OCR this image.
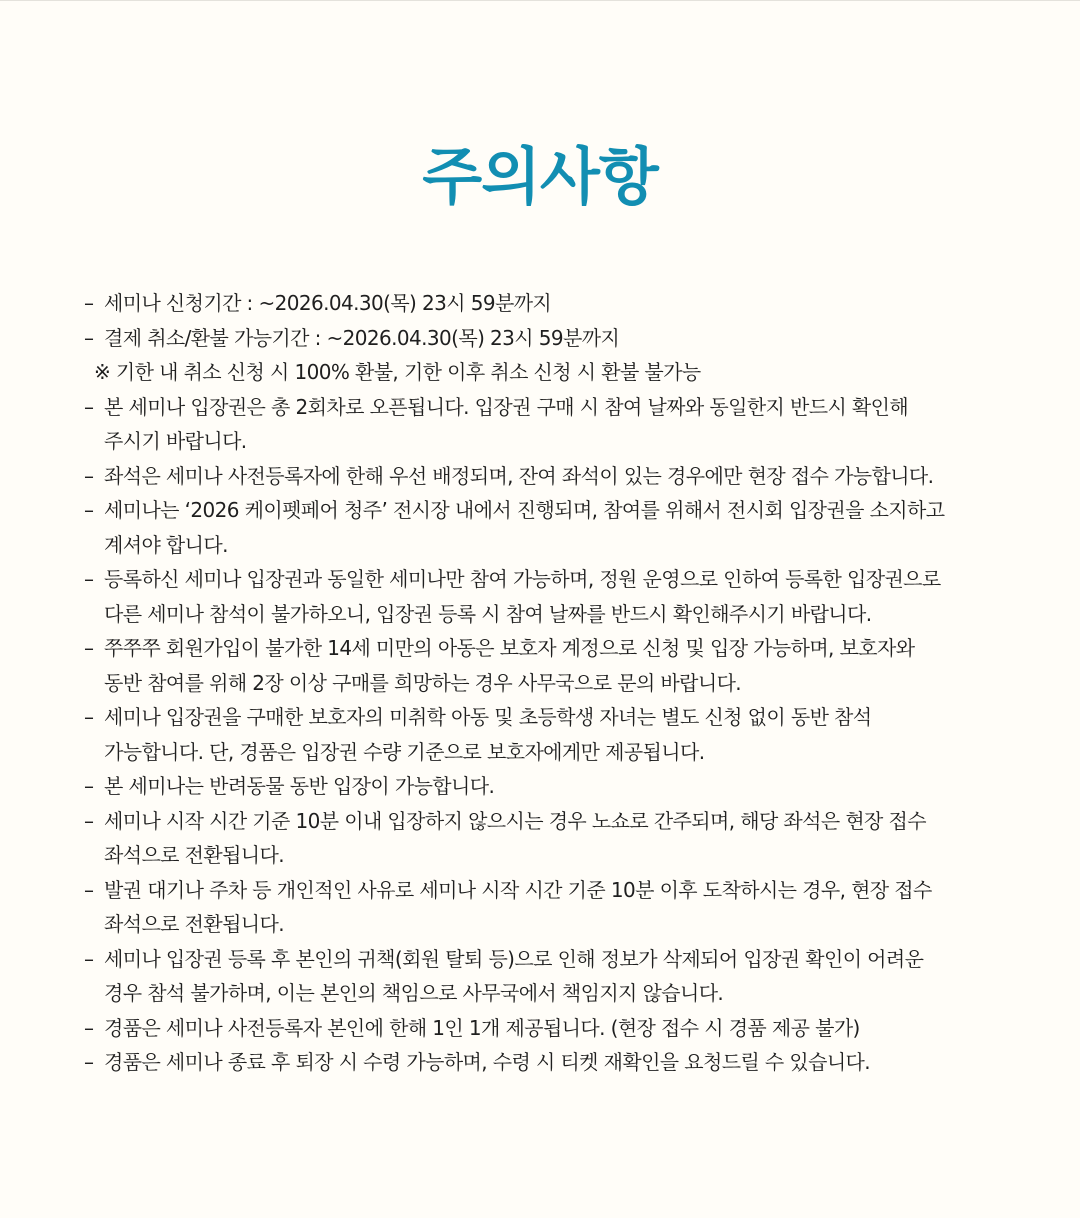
주의사항
– 세미나 신청기간 : ~2026.04.30(목) 23시 59분까지
– 결제 취소/환불 가능기간 : ~2026.04.30(목) 23시 59분까지
※ 기한 내 취소 신청 시 100% 환불, 기한 이후 취소 신청 시 환불 불가능
– 본 세미나 입장권은 총 2회차로 오픈됩니다. 입장권 구매 시 참여 날짜와 동일한지 반드시 확인해
주시기 바랍니다.
– 좌석은 세미나 사전등록자에 한해 우선 배정되며, 잔여 좌석이 있는 경우에만 현장 접수 가능합니다.
– 세미나는 ‘2026 케이펫페어 청주’ 전시장 내에서 진행되며, 참여를 위해서 전시회 입장권을 소지하고
계셔야 합니다.
– 등록하신 세미나 입장권과 동일한 세미나만 참여 가능하며, 정원 운영으로 인하여 등록한 입장권으로
다른 세미나 참석이 불가하오니, 입장권 등록 시 참여 날짜를 반드시 확인해주시기 바랍니다.
– 쭈쭈쭈 회원가입이 불가한 14세 미만의 아동은 보호자 계정으로 신청 및 입장 가능하며, 보호자와
동반 참여를 위해 2장 이상 구매를 희망하는 경우 사무국으로 문의 바랍니다.
– 세미나 입장권을 구매한 보호자의 미취학 아동 및 초등학생 자녀는 별도 신청 없이 동반 참석
가능합니다. 단, 경품은 입장권 수량 기준으로 보호자에게만 제공됩니다.
– 본 세미나는 반려동물 동반 입장이 가능합니다.
– 세미나 시작 시간 기준 10분 이내 입장하지 않으시는 경우 노쇼로 간주되며, 해당 좌석은 현장 접수
좌석으로 전환됩니다.
– 발권 대기나 주차 등 개인적인 사유로 세미나 시작 시간 기준 10분 이후 도착하시는 경우, 현장 접수
좌석으로 전환됩니다.
– 세미나 입장권 등록 후 본인의 귀책(회원 탈퇴 등)으로 인해 정보가 삭제되어 입장권 확인이 어려운
경우 참석 불가하며, 이는 본인의 책임으로 사무국에서 책임지지 않습니다.
– 경품은 세미나 사전등록자 본인에 한해 1인 1개 제공됩니다. (현장 접수 시 경품 제공 불가)
– 경품은 세미나 종료 후 퇴장 시 수령 가능하며, 수령 시 티켓 재확인을 요청드릴 수 있습니다.
